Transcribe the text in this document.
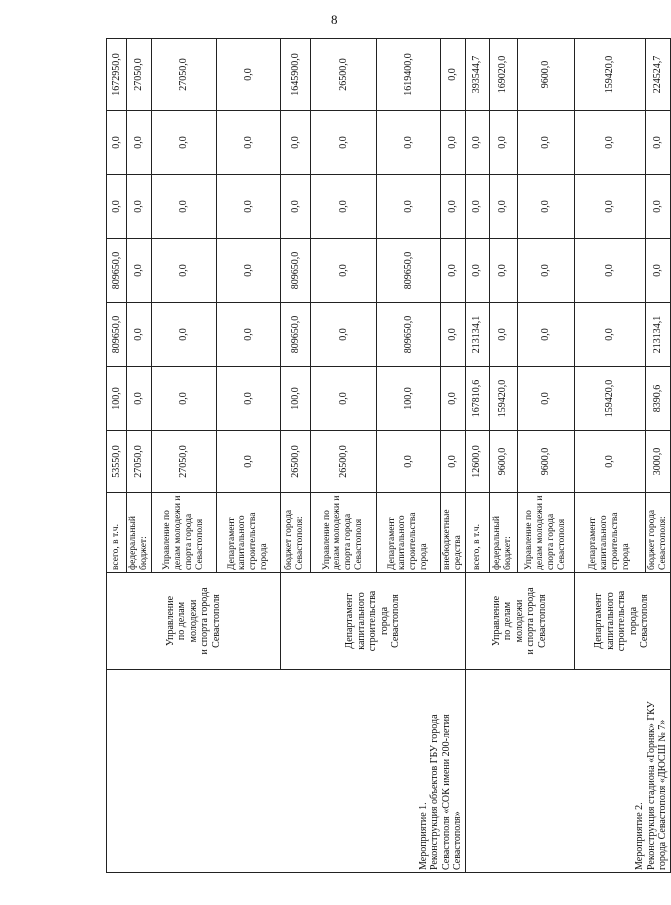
8
Мероприятие 1.
Реконструкция объектов ГБУ города Севастополя «СОК имени 200-летия Севастополя»	Управление
по делам
молодежи
и спорта города
Севастополя	всего, в т.ч.	53550,0	100,0	809650,0	809650,0	0,0	0,0	1672950,0
		федеральный бюджет:	27050,0	0,0	0,0	0,0	0,0	0,0	27050,0
		Управление по делам молодежи и спорта города Севастополя	27050,0	0,0	0,0	0,0	0,0	0,0	27050,0
		Департамент капитального строительства города	0,0	0,0	0,0	0,0	0,0	0,0	0,0
	Департамент
капитального
строительства
города
Севастополя	бюджет города Севастополя:	26500,0	100,0	809650,0	809650,0	0,0	0,0	1645900,0
		Управление по делам молодежи и спорта города Севастополя	26500,0	0,0	0,0	0,0	0,0	0,0	26500,0
		Департамент капитального строительства города	0,0	100,0	809650,0	809650,0	0,0	0,0	1619400,0
		внебюджетные средства	0,0	0,0	0,0	0,0	0,0	0,0	0,0
Мероприятие 2.
Реконструкция стадиона «Горняк» ГКУ города Севастополя «ДЮСШ № 7»	Управление
по делам
молодежи
и спорта города
Севастополя	всего, в т.ч.	12600,0	167810,6	213134,1	0,0	0,0	0,0	393544,7
		федеральный бюджет:	9600,0	159420,0	0,0	0,0	0,0	0,0	169020,0
		Управление по делам молодежи и спорта города Севастополя	9600,0	0,0	0,0	0,0	0,0	0,0	9600,0
	Департамент
капитального
строительства
города
Севастополя	Департамент капитального строительства города	0,0	159420,0	0,0	0,0	0,0	0,0	159420,0
		бюджет города Севастополя:	3000,0	8390,6	213134,1	0,0	0,0	0,0	224524,7
